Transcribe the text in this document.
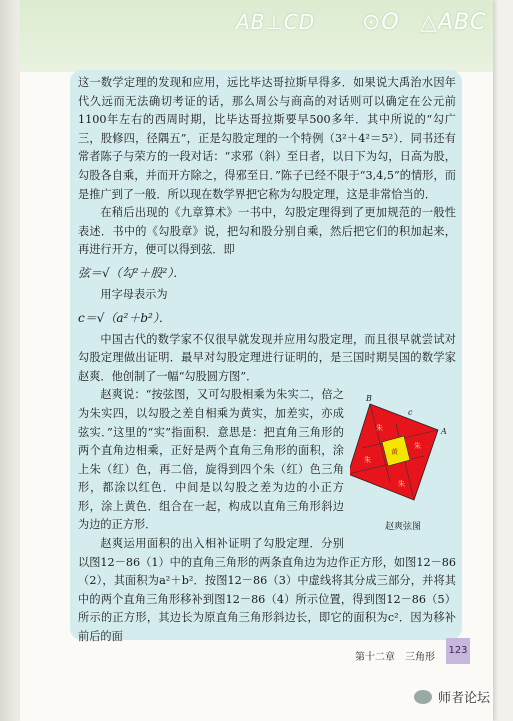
AB⊥CD ⊙O △ABC

这一数学定理的发现和应用，远比毕达哥拉斯早得多．如果说大禹治水因年代久远而无法确切考证的话，那么周公与商高的对话则可以确定在公元前1100年左右的西周时期，比毕达哥拉斯要早500多年．其中所说的“勾广三，股修四，径隅五”，正是勾股定理的一个特例（3²＋4²＝5²）．同书还有常者陈子与荣方的一段对话：“求邪（斜）至日者，以日下为勾，日高为股，勾股各自乘，并而开方除之，得邪至日．”陈子已经不限于“3,4,5”的情形，而是推广到了一般．所以现在数学界把它称为勾股定理，这是非常恰当的．

在稍后出现的《九章算术》一书中，勾股定理得到了更加规范的一般性表述．书中的《勾股章》说，把勾和股分别自乘，然后把它们的积加起来，再进行开方，便可以得到弦．即

弦＝√（勾²＋股²）．

用字母表示为

c＝√（a²＋b²）．

中国古代的数学家不仅很早就发现并应用勾股定理，而且很早就尝试对勾股定理做出证明．最早对勾股定理进行证明的，是三国时期吴国的数学家赵爽．他创制了一幅“勾股圆方图”．

黄
朱
朱
朱
朱
B
c
A
赵爽弦图

赵爽说：“按弦图，又可勾股相乘为朱实二，倍之为朱实四，以勾股之差自相乘为黄实，加差实，亦成弦实．”这里的“实”指面积．意思是：把直角三角形的两个直角边相乘，正好是两个直角三角形的面积，涂上朱（红）色，再二倍，旋得到四个朱（红）色三角形，都涂以红色．中间是以勾股之差为边的小正方形，涂上黄色．组合在一起，构成以直角三角形斜边为边的正方形．

赵爽运用面积的出入相补证明了勾股定理．分别以图12－86（1）中的直角三角形的两条直角边为边作正方形，如图12－86（2），其面积为a²＋b²．按图12－86（3）中虚线将其分成三部分，并将其中的两个直角三角形移补到图12－86（4）所示位置，得到图12－86（5）所示的正方形，其边长为原直角三角形斜边长，即它的面积为c²．因为移补前后的面

第十二章　三角形
123
师者论坛
